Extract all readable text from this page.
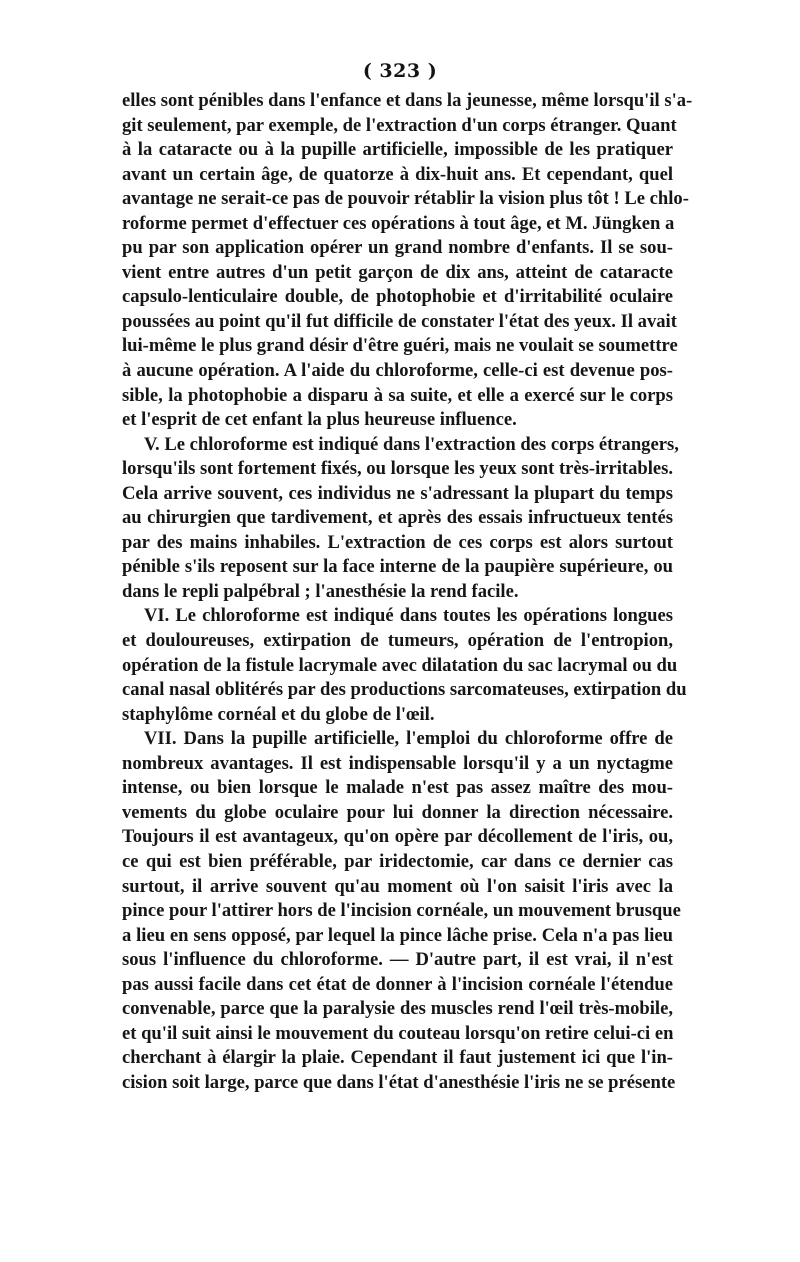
( 323 )
elles sont pénibles dans l'enfance et dans la jeunesse, même lorsqu'il s'a-
git seulement, par exemple, de l'extraction d'un corps étranger. Quant
à la cataracte ou à la pupille artificielle, impossible de les pratiquer
avant un certain âge, de quatorze à dix-huit ans. Et cependant, quel
avantage ne serait-ce pas de pouvoir rétablir la vision plus tôt ! Le chlo-
roforme permet d'effectuer ces opérations à tout âge, et M. Jüngken a
pu par son application opérer un grand nombre d'enfants. Il se sou-
vient entre autres d'un petit garçon de dix ans, atteint de cataracte
capsulo-lenticulaire double, de photophobie et d'irritabilité oculaire
poussées au point qu'il fut difficile de constater l'état des yeux. Il avait
lui-même le plus grand désir d'être guéri, mais ne voulait se soumettre
à aucune opération. A l'aide du chloroforme, celle-ci est devenue pos-
sible, la photophobie a disparu à sa suite, et elle a exercé sur le corps
et l'esprit de cet enfant la plus heureuse influence.
V. Le chloroforme est indiqué dans l'extraction des corps étrangers,
lorsqu'ils sont fortement fixés, ou lorsque les yeux sont très-irritables.
Cela arrive souvent, ces individus ne s'adressant la plupart du temps
au chirurgien que tardivement, et après des essais infructueux tentés
par des mains inhabiles. L'extraction de ces corps est alors surtout
pénible s'ils reposent sur la face interne de la paupière supérieure, ou
dans le repli palpébral ; l'anesthésie la rend facile.
VI. Le chloroforme est indiqué dans toutes les opérations longues
et douloureuses, extirpation de tumeurs, opération de l'entropion,
opération de la fistule lacrymale avec dilatation du sac lacrymal ou du
canal nasal oblitérés par des productions sarcomateuses, extirpation du
staphylôme cornéal et du globe de l'œil.
VII. Dans la pupille artificielle, l'emploi du chloroforme offre de
nombreux avantages. Il est indispensable lorsqu'il y a un nyctagme
intense, ou bien lorsque le malade n'est pas assez maître des mou-
vements du globe oculaire pour lui donner la direction nécessaire.
Toujours il est avantageux, qu'on opère par décollement de l'iris, ou,
ce qui est bien préférable, par iridectomie, car dans ce dernier cas
surtout, il arrive souvent qu'au moment où l'on saisit l'iris avec la
pince pour l'attirer hors de l'incision cornéale, un mouvement brusque
a lieu en sens opposé, par lequel la pince lâche prise. Cela n'a pas lieu
sous l'influence du chloroforme. — D'autre part, il est vrai, il n'est
pas aussi facile dans cet état de donner à l'incision cornéale l'étendue
convenable, parce que la paralysie des muscles rend l'œil très-mobile,
et qu'il suit ainsi le mouvement du couteau lorsqu'on retire celui-ci en
cherchant à élargir la plaie. Cependant il faut justement ici que l'in-
cision soit large, parce que dans l'état d'anesthésie l'iris ne se présente
